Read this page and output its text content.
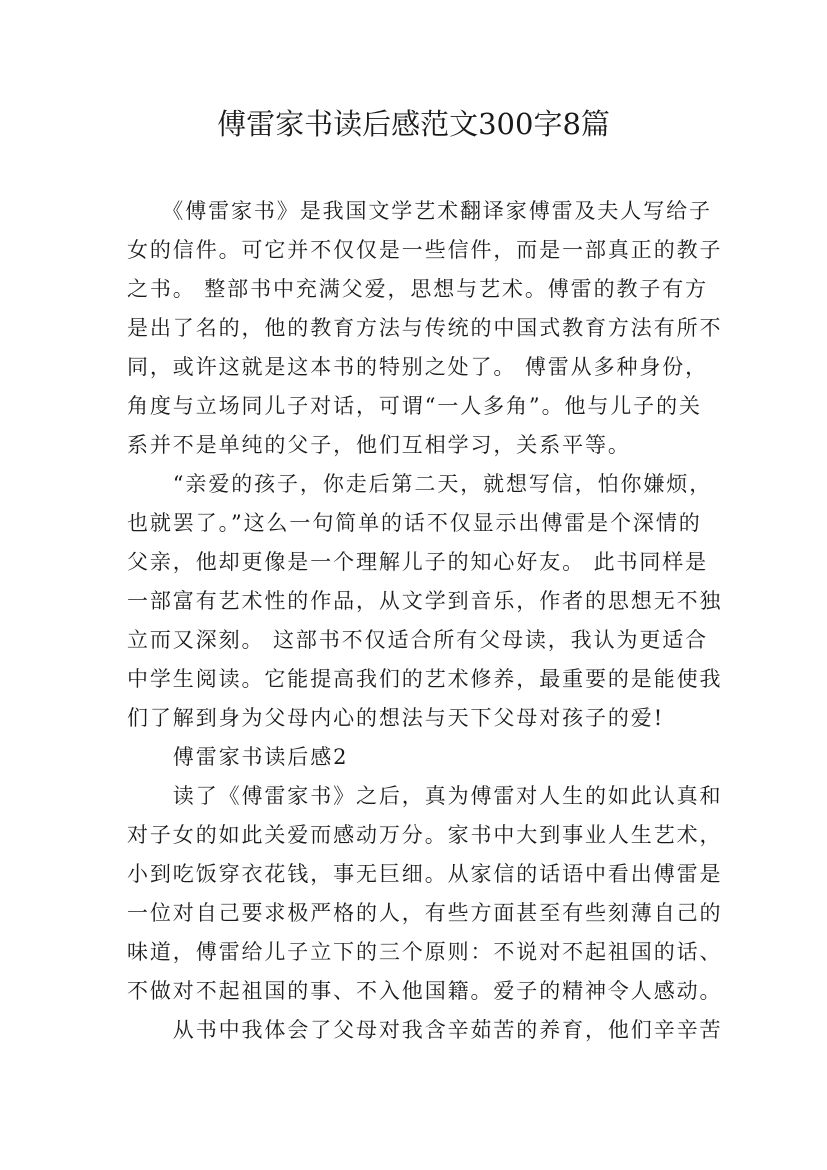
傅雷家书读后感范文300字8篇
　　《傅雷家书》是我国文学艺术翻译家傅雷及夫人写给子
女的信件。可它并不仅仅是一些信件，而是一部真正的教子
之书。 整部书中充满父爱，思想与艺术。傅雷的教子有方
是出了名的，他的教育方法与传统的中国式教育方法有所不
同，或许这就是这本书的特别之处了。 傅雷从多种身份，
角度与立场同儿子对话，可谓“一人多角”。他与儿子的关
系并不是单纯的父子，他们互相学习，关系平等。
　　“亲爱的孩子，你走后第二天，就想写信，怕你嫌烦，
也就罢了。”这么一句简单的话不仅显示出傅雷是个深情的
父亲，他却更像是一个理解儿子的知心好友。 此书同样是
一部富有艺术性的作品，从文学到音乐，作者的思想无不独
立而又深刻。 这部书不仅适合所有父母读，我认为更适合
中学生阅读。它能提高我们的艺术修养，最重要的是能使我
们了解到身为父母内心的想法与天下父母对孩子的爱!
　　傅雷家书读后感2
　　读了《傅雷家书》之后，真为傅雷对人生的如此认真和
对子女的如此关爱而感动万分。家书中大到事业人生艺术，
小到吃饭穿衣花钱，事无巨细。从家信的话语中看出傅雷是
一位对自己要求极严格的人，有些方面甚至有些刻薄自己的
味道，傅雷给儿子立下的三个原则：不说对不起祖国的话、
不做对不起祖国的事、不入他国籍。爱子的精神令人感动。
　　从书中我体会了父母对我含辛茹苦的养育，他们辛辛苦
